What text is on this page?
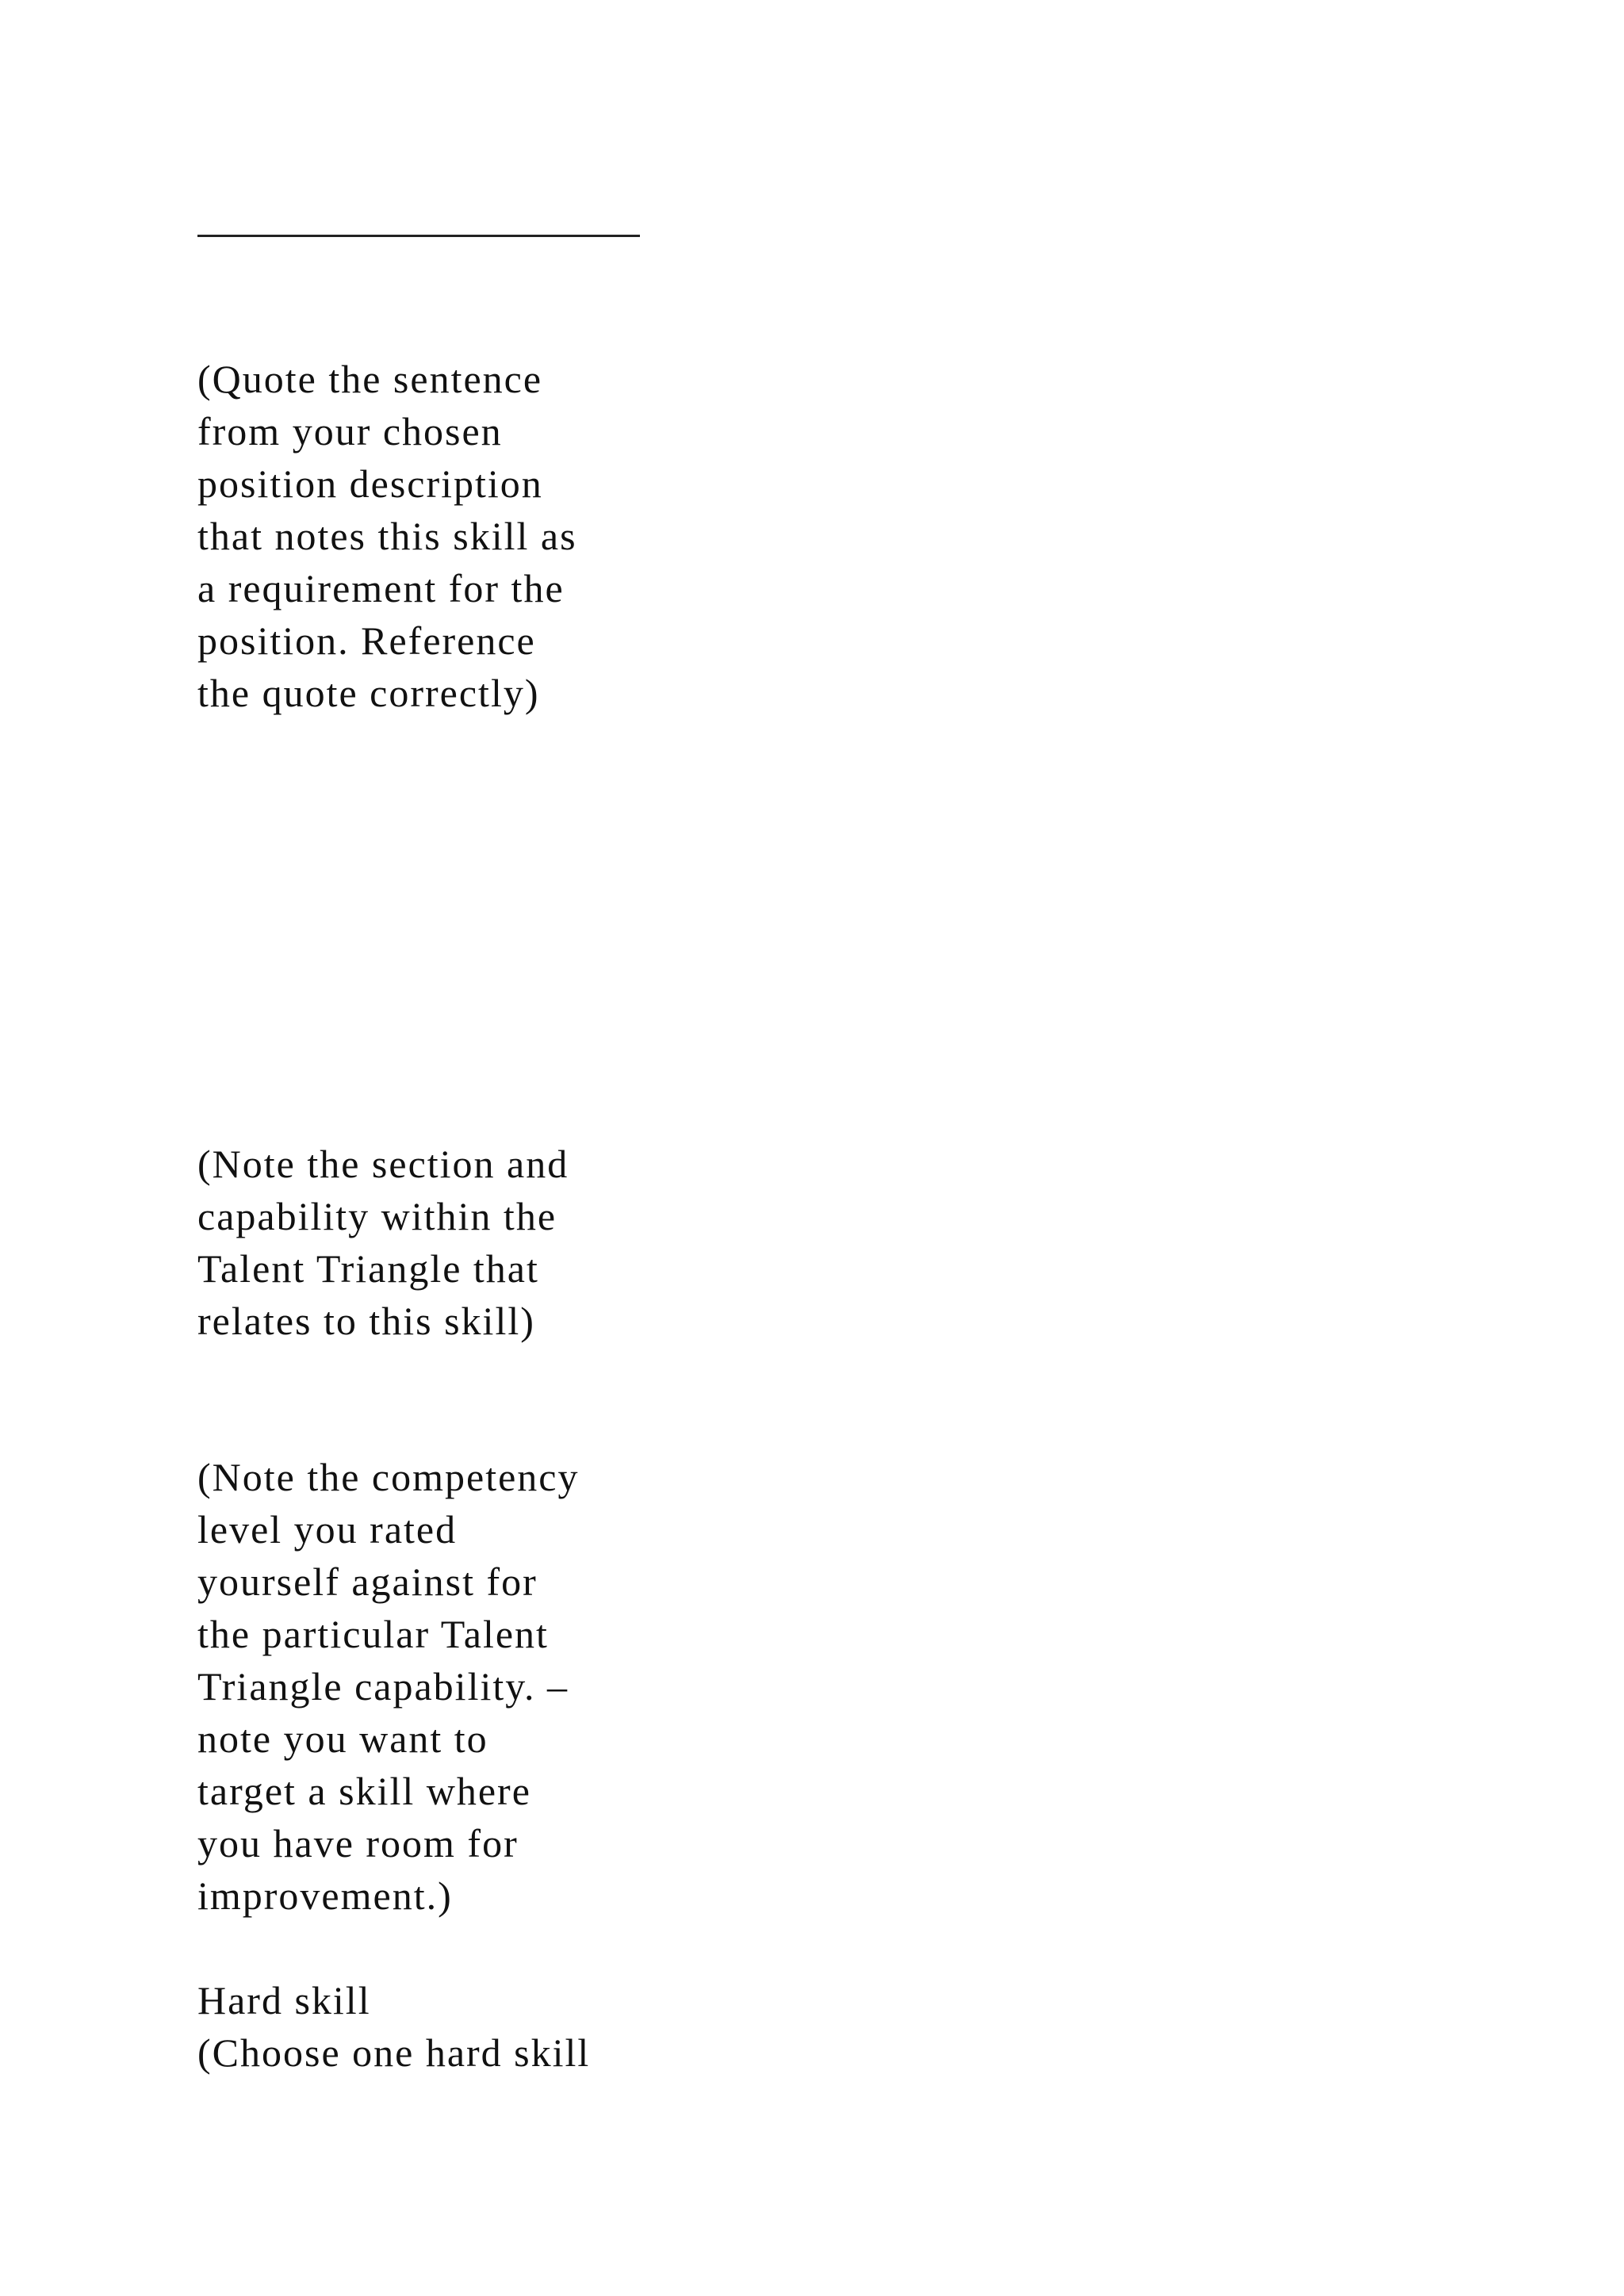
(Quote the sentence
from your chosen
position description
that notes this skill as
a requirement for the
position. Reference
the quote correctly)
(Note the section and
capability within the
Talent Triangle that
relates to this skill)
(Note the competency
level you rated
yourself against for
the particular Talent
Triangle capability. –
note you want to
target a skill where
you have room for
improvement.)
Hard skill
(Choose one hard skill
